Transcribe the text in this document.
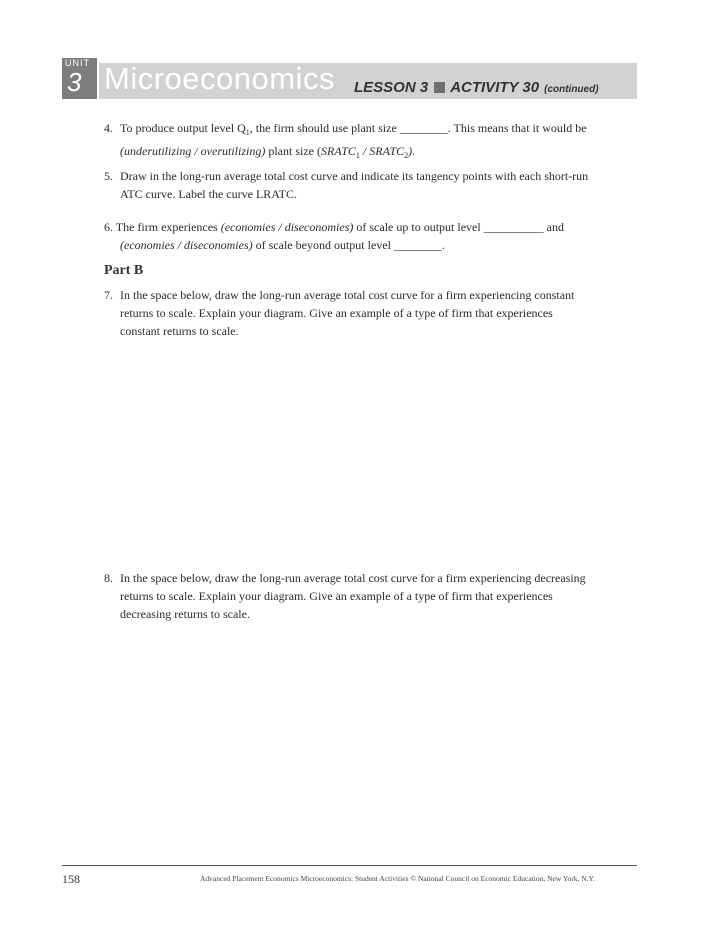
UNIT
3 Microeconomics LESSON 3 ACTIVITY 30 (continued)
4. To produce output level $Q_1$, the firm should use plant size ________. This means that it would be
(underutilizing / overutilizing) plant size ($SRATC_1$ / $SRATC_2$).
5. Draw in the long-run average total cost curve and indicate its tangency points with each short-run
ATC curve. Label the curve LRATC.
6. The firm experiences (economies / diseconomies) of scale up to output level __________ and
(economies / diseconomies) of scale beyond output level ________.
Part B
7. In the space below, draw the long-run average total cost curve for a firm experiencing constant
returns to scale. Explain your diagram. Give an example of a type of firm that experiences
constant returns to scale.
8. In the space below, draw the long-run average total cost curve for a firm experiencing decreasing
returns to scale. Explain your diagram. Give an example of a type of firm that experiences
decreasing returns to scale.
158	Advanced Placement Economics Microeconomics: Student Activities © National Council on Economic Education, New York, N.Y.
